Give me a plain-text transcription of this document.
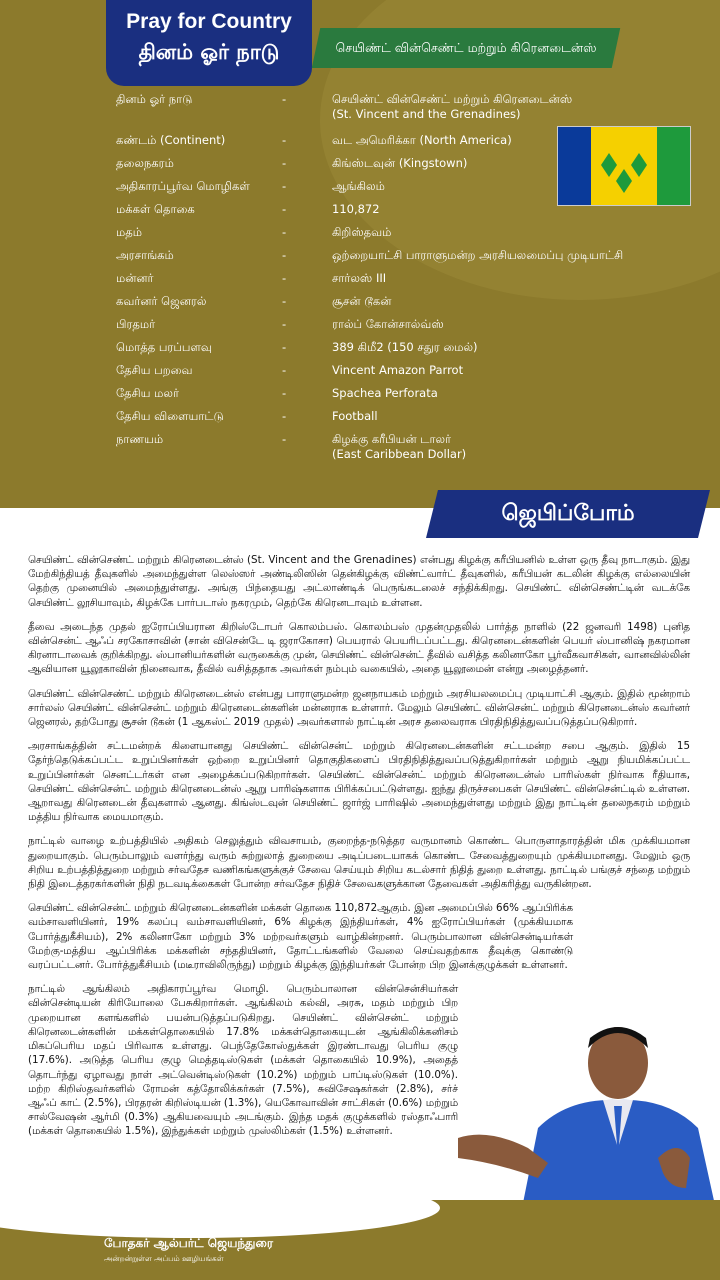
Pray for Country
தினம் ஓர் நாடு	செயிண்ட் வின்செண்ட் மற்றும் கிரெனடைன்ஸ்
தினம் ஓர் நாடு	-	செயிண்ட் வின்செண்ட் மற்றும் கிரெனடைன்ஸ்
(St. Vincent and the Grenadines)
கண்டம் (Continent)	-	வட அமெரிக்கா (North America)
தலைநகரம்	-	கிங்ஸ்டவுன் (Kingstown)
அதிகாரப்பூர்வ மொழிகள்	-	ஆங்கிலம்
மக்கள் தொகை	-	110,872
மதம்	-	கிறிஸ்தவம்
அரசாங்கம்	-	ஒற்றையாட்சி பாராளுமன்ற அரசியலமைப்பு முடியாட்சி
மன்னர்	-	சார்லஸ் III
கவர்னர் ஜெனரல்	-	சூசன் டூகன்
பிரதமர்	-	ரால்ப் கோன்சால்வ்ஸ்
மொத்த பரப்பளவு	-	389 கிமீ2 (150 சதுர மைல்)
தேசிய பறவை	-	Vincent Amazon Parrot
தேசிய மலர்	-	Spachea Perforata
தேசிய விளையாட்டு	-	Football
நாணயம்	-	கிழக்கு கரீபியன் டாலர்
(East Caribbean Dollar)
ஜெபிப்போம்

செயிண்ட் வின்செண்ட் மற்றும் கிரெனடைன்ஸ் (St. Vincent and the Grenadines) என்பது கிழக்கு கரீபியனில் உள்ள ஒரு தீவு நாடாகும். இது மேற்கிந்தியத் தீவுகளில் அமைந்துள்ள லெஸ்ஸர் அண்டிலிஸின் தென்கிழக்கு விண்ட்வார்ட் தீவுகளில், கரீபியன் கடலின் கிழக்கு எல்லையின் தெற்கு முனையில் அமைந்துள்ளது. அங்கு பிந்தையது அட்லாண்டிக் பெருங்கடலைச் சந்திக்கிறது. செயிண்ட் வின்செண்ட்டின் வடக்கே செயிண்ட் லூசியாவும், கிழக்கே பார்படாஸ் நகரமும், தெற்கே கிரெனடாவும் உள்ளன.

தீவை அடைந்த முதல் ஐரோப்பியரான கிறிஸ்டோபர் கொலம்பஸ். கொலம்பஸ் முதன்முதலில் பார்த்த நாளில் (22 ஜனவரி 1498) புனித வின்சென்ட் ஆஃப் சரகோசாவின் (சான் விசென்டே டி ஜராகோசா) பெயரால் பெயரிடப்பட்டது. கிரெனடைன்களின் பெயர் ஸ்பானிஷ் நகரமான கிரனாடாவைக் குறிக்கிறது. ஸ்பானியர்களின் வருகைக்கு முன், செயிண்ட் வின்சென்ட் தீவில் வசித்த கலினாகோ பூர்வீகவாசிகள், வானவில்லின் ஆவியான யூலூகாவின் நினைவாக, தீவில் வசித்ததாக அவர்கள் நம்பும் வகையில், அதை யூலூமைன் என்று அழைத்தனர்.

செயிண்ட் வின்செண்ட் மற்றும் கிரெனடைன்ஸ் என்பது பாராளுமன்ற ஜனநாயகம் மற்றும் அரசியலமைப்பு முடியாட்சி ஆகும். இதில் மூன்றாம் சார்லஸ் செயிண்ட் வின்சென்ட் மற்றும் கிரெனடைன்களின் மன்னராக உள்ளார். மேலும் செயிண்ட் வின்சென்ட் மற்றும் கிரெனடைன்ஸ் கவர்னர் ஜெனரல், தற்போது சூசன் டூகன் (1 ஆகஸ்ட் 2019 முதல்) அவர்களால் நாட்டின் அரச தலைவராக பிரதிநிதித்துவப்படுத்தப்படுகிறார்.

அரசாங்கத்தின் சட்டமன்றக் கிளையானது செயிண்ட் வின்சென்ட் மற்றும் கிரெனடைன்களின் சட்டமன்ற சபை ஆகும். இதில் 15 தேர்ந்தெடுக்கப்பட்ட உறுப்பினர்கள் ஒற்றை உறுப்பினர் தொகுதிகளைப் பிரதிநிதித்துவப்படுத்துகிறார்கள் மற்றும் ஆறு நியமிக்கப்பட்ட உறுப்பினர்கள் செனட்டர்கள் என அழைக்கப்படுகிறார்கள். செயிண்ட் வின்சென்ட் மற்றும் கிரெனடைன்ஸ் பாரிஸ்கள் நிர்வாக ரீதியாக, செயிண்ட் வின்சென்ட் மற்றும் கிரெனடைன்ஸ் ஆறு பாரிஷ்களாக பிரிக்கப்பட்டுள்ளது. ஐந்து திருச்சபைகள் செயிண்ட் வின்சென்ட்டில் உள்ளன. ஆறாவது கிரெனடைன் தீவுகளால் ஆனது. கிங்ஸ்டவுன் செயிண்ட் ஜார்ஜ் பாரிஷில் அமைந்துள்ளது மற்றும் இது நாட்டின் தலைநகரம் மற்றும் மத்திய நிர்வாக மையமாகும்.

நாட்டில் வாழை உற்பத்தியில் அதிகம் செலுத்தும் விவசாயம், குறைந்த-நடுத்தர வருமானம் கொண்ட பொருளாதாரத்தின் மிக முக்கியமான துறையாகும். பெரும்பாலும் வளர்ந்து வரும் சுற்றுலாத் துறையை அடிப்படையாகக் கொண்ட சேவைத்துறையும் முக்கியமானது. மேலும் ஒரு சிறிய உற்பத்தித்துறை மற்றும் சர்வதேச வணிகங்களுக்குச் சேவை செய்யும் சிறிய கடல்சார் நிதித் துறை உள்ளது. நாட்டில் பங்குச் சந்தை மற்றும் நிதி இடைத்தரகர்களின் நிதி நடவடிக்கைகள் போன்ற சர்வதேச நிதிச் சேவைகளுக்கான தேவைகள் அதிகரித்து வருகின்றன.

செயிண்ட் வின்சென்ட் மற்றும் கிரெனடைன்களின் மக்கள் தொகை 110,872ஆகும். இன அமைப்பில் 66% ஆப்பிரிக்க வம்சாவளியினர், 19% கலப்பு வம்சாவளியினர், 6% கிழக்கு இந்தியர்கள், 4% ஐரோப்பியர்கள் (முக்கியமாக போர்த்துகீசியம்), 2% கலினாகோ மற்றும் 3% மற்றவர்களும் வாழ்கின்றனர். பெரும்பாலான வின்சென்டியர்கள் மேற்கு-மத்திய ஆப்பிரிக்க மக்களின் சந்ததியினர், தோட்டங்களில் வேலை செய்வதற்காக தீவுக்கு கொண்டு வரப்பட்டனர். போர்த்துகீசியம் (மடீராவிலிருந்து) மற்றும் கிழக்கு இந்தியர்கள் போன்ற பிற இனக்குழுக்கள் உள்ளனர்.

நாட்டில் ஆங்கிலம் அதிகாரப்பூர்வ மொழி. பெரும்பாலான வின்சென்சியர்கள் வின்சென்டியன் கிரியோலை பேசுகிறார்கள். ஆங்கிலம் கல்வி, அரசு, மதம் மற்றும் பிற முறையான களங்களில் பயன்படுத்தப்படுகிறது. செயிண்ட் வின்சென்ட் மற்றும் கிரெனடைன்களின் மக்கள்தொகையில் 17.8% மக்கள்தொகையுடன் ஆங்கிலிக்கனிசம் மிகப்பெரிய மதப் பிரிவாக உள்ளது. பெந்தேகோஸ்துக்கள் இரண்டாவது பெரிய குழு (17.6%). அடுத்த பெரிய குழு மெத்தடிஸ்டுகள் (மக்கள் தொகையில் 10.9%), அதைத் தொடர்ந்து ஏழாவது நாள் அட்வென்டிஸ்டுகள் (10.2%) மற்றும் பாப்டிஸ்டுகள் (10.0%). மற்ற கிறிஸ்தவர்களில் ரோமன் கத்தோலிக்கர்கள் (7.5%), சுவிசேஷகர்கள் (2.8%), சர்ச் ஆஃப் காட் (2.5%), பிரதரன் கிறிஸ்டியன் (1.3%), யெகோவாவின் சாட்சிகள் (0.6%) மற்றும் சால்வேஷன் ஆர்மி (0.3%) ஆகியவையும் அடங்கும். இந்த மதக் குழுக்களில் ரஸ்தாஃபாரி (மக்கள் தொகையில் 1.5%), இந்துக்கள் மற்றும் முஸ்லிம்கள் (1.5%) உள்ளனர்.

அன்புடன்
போதகர் ஆல்பர்ட் ஜெயந்துரை
அன்றன்றுள்ள அப்பம் ஊழியங்கள்
